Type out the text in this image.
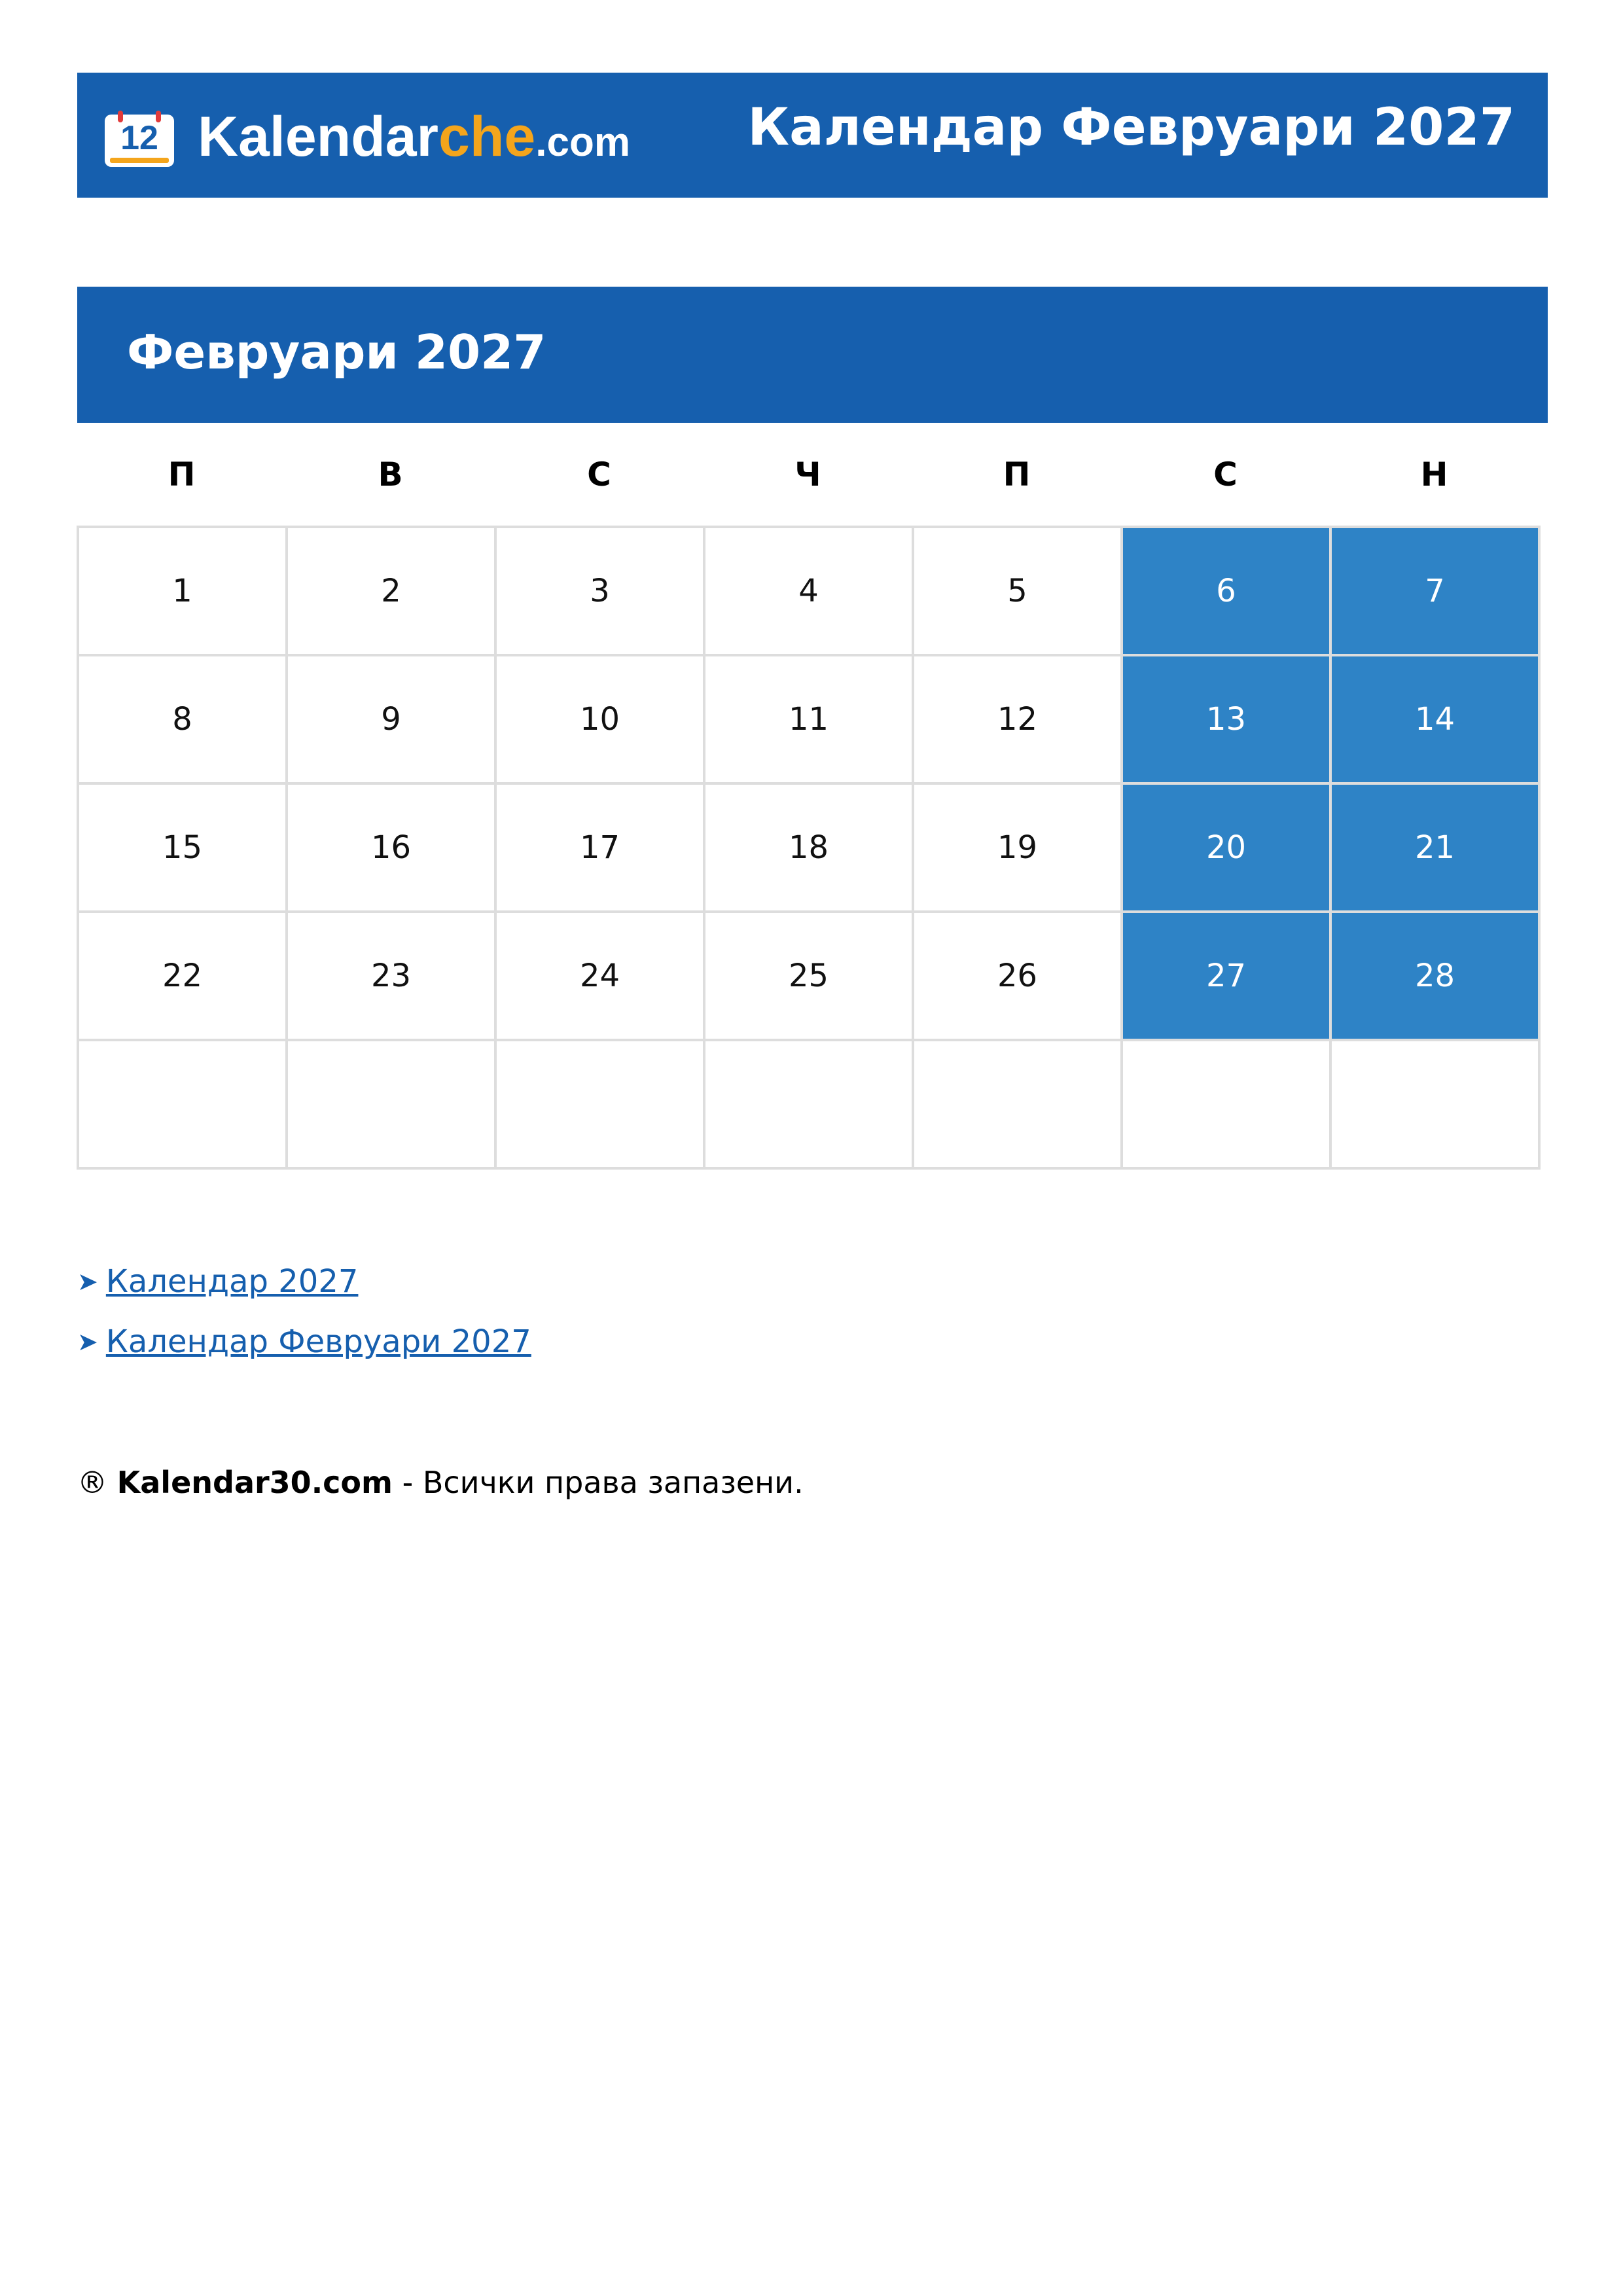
12 Kalendarche.com Календар Февруари 2027
Февруари 2027
П	В	С	Ч	П	С	Н
1	2	3	4	5	6	7
8	9	10	11	12	13	14
15	16	17	18	19	20	21
22	23	24	25	26	27	28
➤ Календар 2027
➤ Календар Февруари 2027
® Kalendar30.com - Всички права запазени.
